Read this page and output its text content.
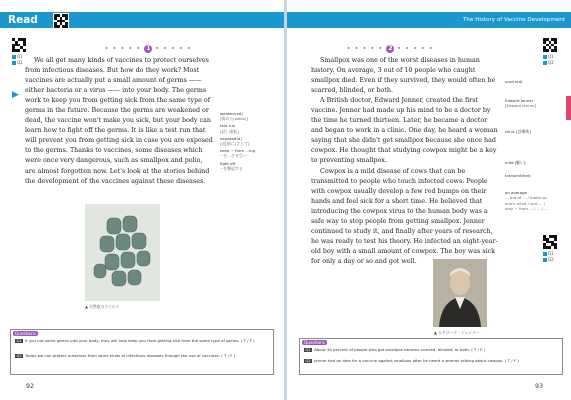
Read
Q1
Q2
▶
• • • • • 1 • • • • •

We all get many kinds of vaccines to protect ourselves from infectious diseases. But how do they work? Most vaccines are actually put a small amount of germs —— either bacteria or a virus —— into your body. The germs work to keep you from getting sick from the same type of germs in the future. Because the germs are weakened or dead, the vaccine won't make you sick, but your body can learn how to fight off the germs. It is like a test run that will prevent you from getting sick in case you are exposed to the germs. Thanks to vaccines, some diseases which were once very dangerous, such as smallpox and polio, are almost forgotten now. Let's look at the stories behind the development of the vaccines against these diseases.

weaken(ed)
[弱めた(weak)]
test run
[試し運転]
exposed(d)
[(危険に)さらす]
keep ~ from ...ing
~を…させない
fight off
~を撃退する
▲ 天然痘のウイルス
Questions
Q1 If you put some germs into your body, they will help keep you from getting sick from the same type of germs. ( T / F )
Q2 Today we can protect ourselves from some kinds of infectious diseases through the use of vaccines. ( T / F )
92
The History of Vaccine Development
• • • • • 2 • • • • •

Smallpox was one of the worst diseases in human history. On average, 3 out of 10 people who caught smallpox died. Even if they survived, they would often be scarred, blinded, or both.

A British doctor, Edward Jenner, created the first vaccine. Jenner had made up his mind to be a doctor by the time he turned thirteen. Later, he became a doctor and began to work in a clinic. One day, he heard a woman saying that she didn't get smallpox because she once had cowpox. He thought that studying cowpox might be a key to preventing smallpox.

Cowpox is a mild disease of cows that can be transmitted to people who touch infected cows. People with cowpox usually develop a few red bumps on their hands and feel sick for a short time. He believed that introducing the cowpox virus to the human body was a safe way to stop people from getting smallpox. Jenner continued to study it, and finally after years of research, he was ready to test his theory. He infected an eight-year-old boy with a small amount of cowpox. The boy was sick for only a day or so and got well.

scar(red)
Edward Jenner
[Edward Jenner]
clinic [診療所]
mild [軽い]
transmit(ted)
on average
... out of ... / make up one's mind / sick ... / stay ~ from ... / ... / ...
Q1
Q2
Q1
Q2
▲ エドワード・ジェンナー
Questions
Q1 About 30 percent of people who got smallpox became scarred, blinded, or both. ( T / F )
Q2 Jenner had an idea for a vaccine against smallpox after he heard a woman talking about cowpox. ( T / F )
93
